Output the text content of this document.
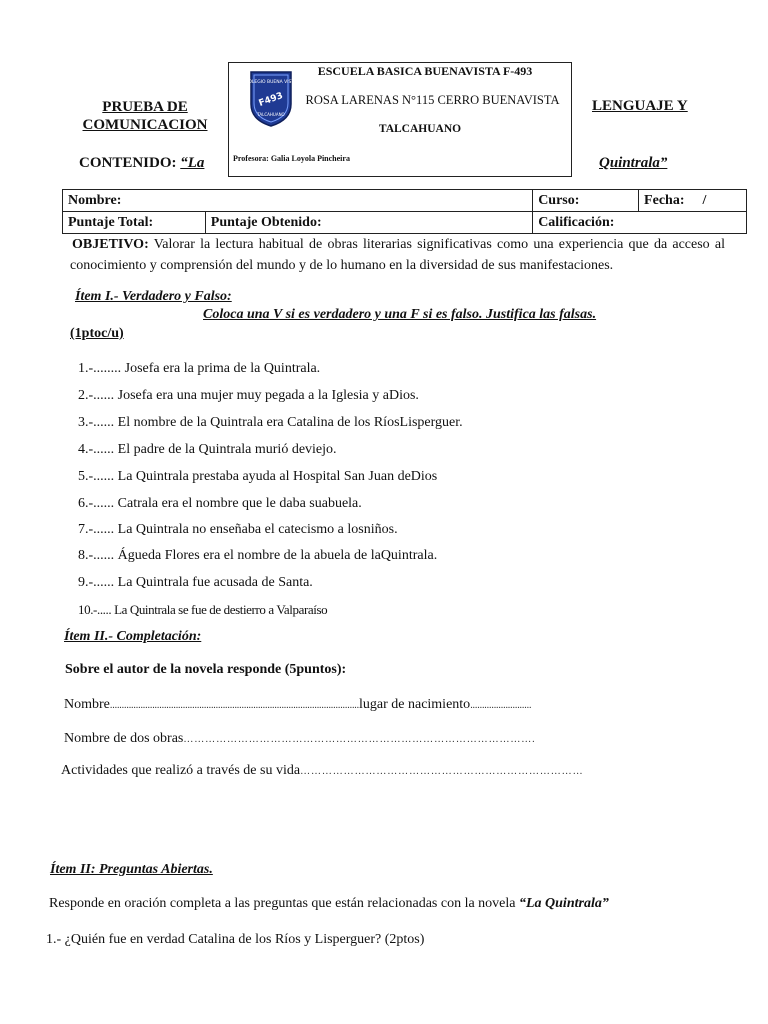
PRUEBA DE
COMUNICACION
CONTENIDO: “La
COLEGIO BUENA VISTA
F493
TALCAHUANO
ESCUELA BASICA BUENAVISTA F-493
ROSA LARENAS N°115 CERRO BUENAVISTA
TALCAHUANO
Profesora: Galia Loyola Pincheira
LENGUAJE Y
Quintrala”
Nombre:		Curso:	Fecha: /
Puntaje Total:	Puntaje Obtenido:	Calificación:	
OBJETIVO: Valorar la lectura habitual de obras literarias significativas como una experiencia que da acceso al conocimiento y comprensión del mundo y de lo humano en la diversidad de sus manifestaciones.
Ítem I.- Verdadero y Falso:
Coloca una V si es verdadero y una F si es falso. Justifica las falsas.
(1ptoc/u)
1.-........ Josefa era la prima de la Quintrala.
2.-...... Josefa era una mujer muy pegada a la Iglesia y aDios.
3.-...... El nombre de la Quintrala era Catalina de los RíosLisperguer.
4.-...... El padre de la Quintrala murió deviejo.
5.-...... La Quintrala prestaba ayuda al Hospital San Juan deDios
6.-...... Catrala era el nombre que le daba suabuela.
7.-...... La Quintrala no enseñaba el catecismo a losniños.
8.-...... Águeda Flores era el nombre de la abuela de laQuintrala.
9.-...... La Quintrala fue acusada de Santa.
10.-..... La Quintrala se fue de destierro a Valparaíso
Ítem II.- Completación:
Sobre el autor de la novela responde (5puntos):
Nombre..........................................................................................................lugar de nacimiento..........................
Nombre de dos obras…………………………………………………………………………………….
Actividades que realizó a través de su vida……………………………………………………………………
Ítem II: Preguntas Abiertas.
Responde en oración completa a las preguntas que están relacionadas con la novela “La Quintrala”
1.- ¿Quién fue en verdad Catalina de los Ríos y Lisperguer? (2ptos)
